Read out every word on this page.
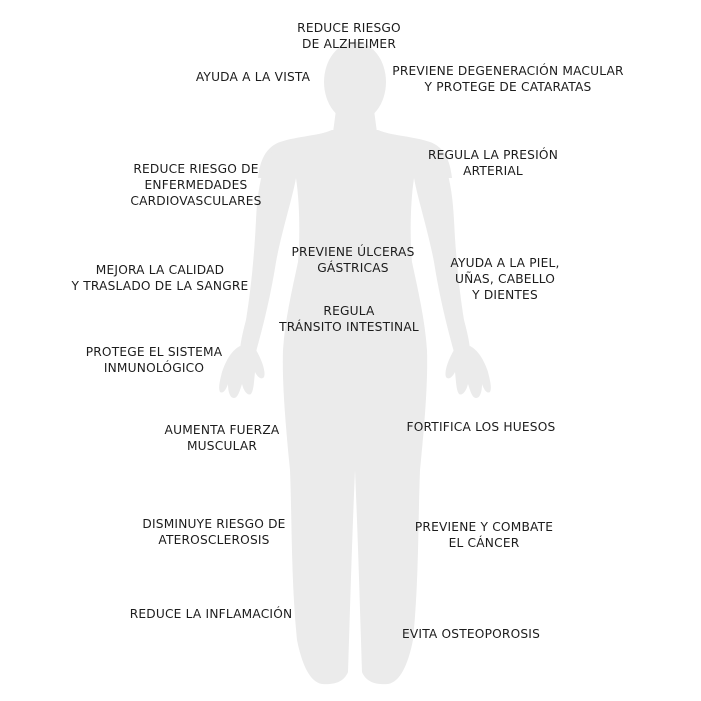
REDUCE RIESGO
DE ALZHEIMER
AYUDA A LA VISTA	PREVIENE DEGENERACIÓN MACULAR
Y PROTEGE DE CATARATAS
REGULA LA PRESIÓN
ARTERIAL
REDUCE RIESGO DE
ENFERMEDADES
CARDIOVASCULARES
PREVIENE ÚLCERAS
GÁSTRICAS	AYUDA A LA PIEL,
UÑAS, CABELLO
Y DIENTES
MEJORA LA CALIDAD
Y TRASLADO DE LA SANGRE
REGULA
TRÁNSITO INTESTINAL
PROTEGE EL SISTEMA
INMUNOLÓGICO
AUMENTA FUERZA
MUSCULAR
FORTIFICA LOS HUESOS
DISMINUYE RIESGO DE
ATEROSCLEROSIS
PREVIENE Y COMBATE
EL CÁNCER
REDUCE LA INFLAMACIÓN
EVITA OSTEOPOROSIS
